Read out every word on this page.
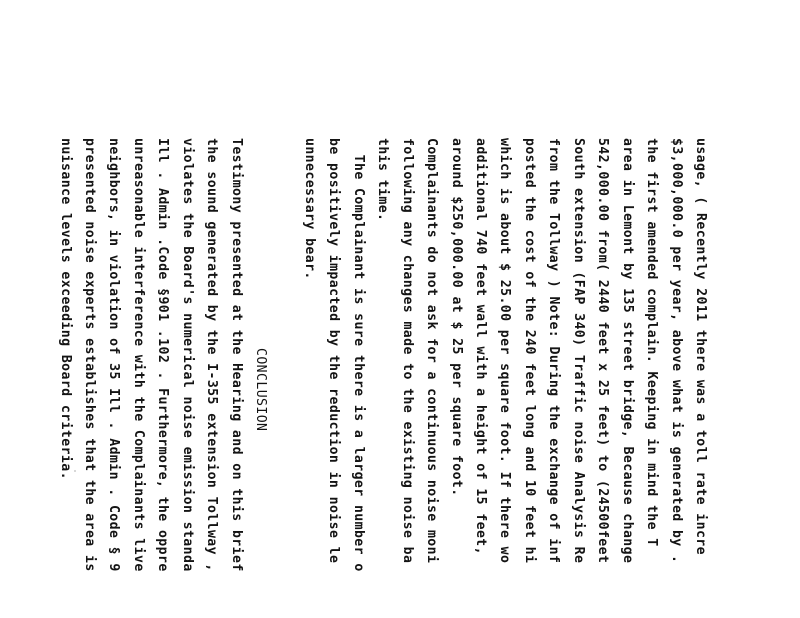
usage, ( Recently 2011 there was a toll rate incre
$3,000,000.0 per year, above what is generated by .
the first amended complain. Keeping in mind the T
area in Lemont by 135 street bridge, Because change
542,000.00 from( 2440 feet x 25 feet) to (24500feet
South extension (FAP 340) Traffic noise Analysis Re
from the Tollway ) Note: During the exchange of inf
posted the cost of the 240 feet long and 10 feet hi
which is about $ 25.00 per square foot. If there wo
additional 740 feet wall with a height of 15 feet,
around $250,000.00 at $ 25 per square foot.
Complainants do not ask for a continuous noise moni
following any changes made to the existing noise ba
this time.
The Complainant is sure there is a larger number o
be positively impacted by the reduction in noise le
unnecessary bear.
CONCLUSION
Testimony presented at the Hearing and on this brief
the sound generated by the I-355 extension Tollway ,
violates the Board's numerical noise emission standa
Ill . Admin .Code §901 .102 . Furthermore, the oppre
unreasonable interference with the Complainants live
neighbors, in violation of 35 Ill . Admin . Code § 9
presented noise experts establishes that the area is
nuisance levels exceeding Board criteria.
